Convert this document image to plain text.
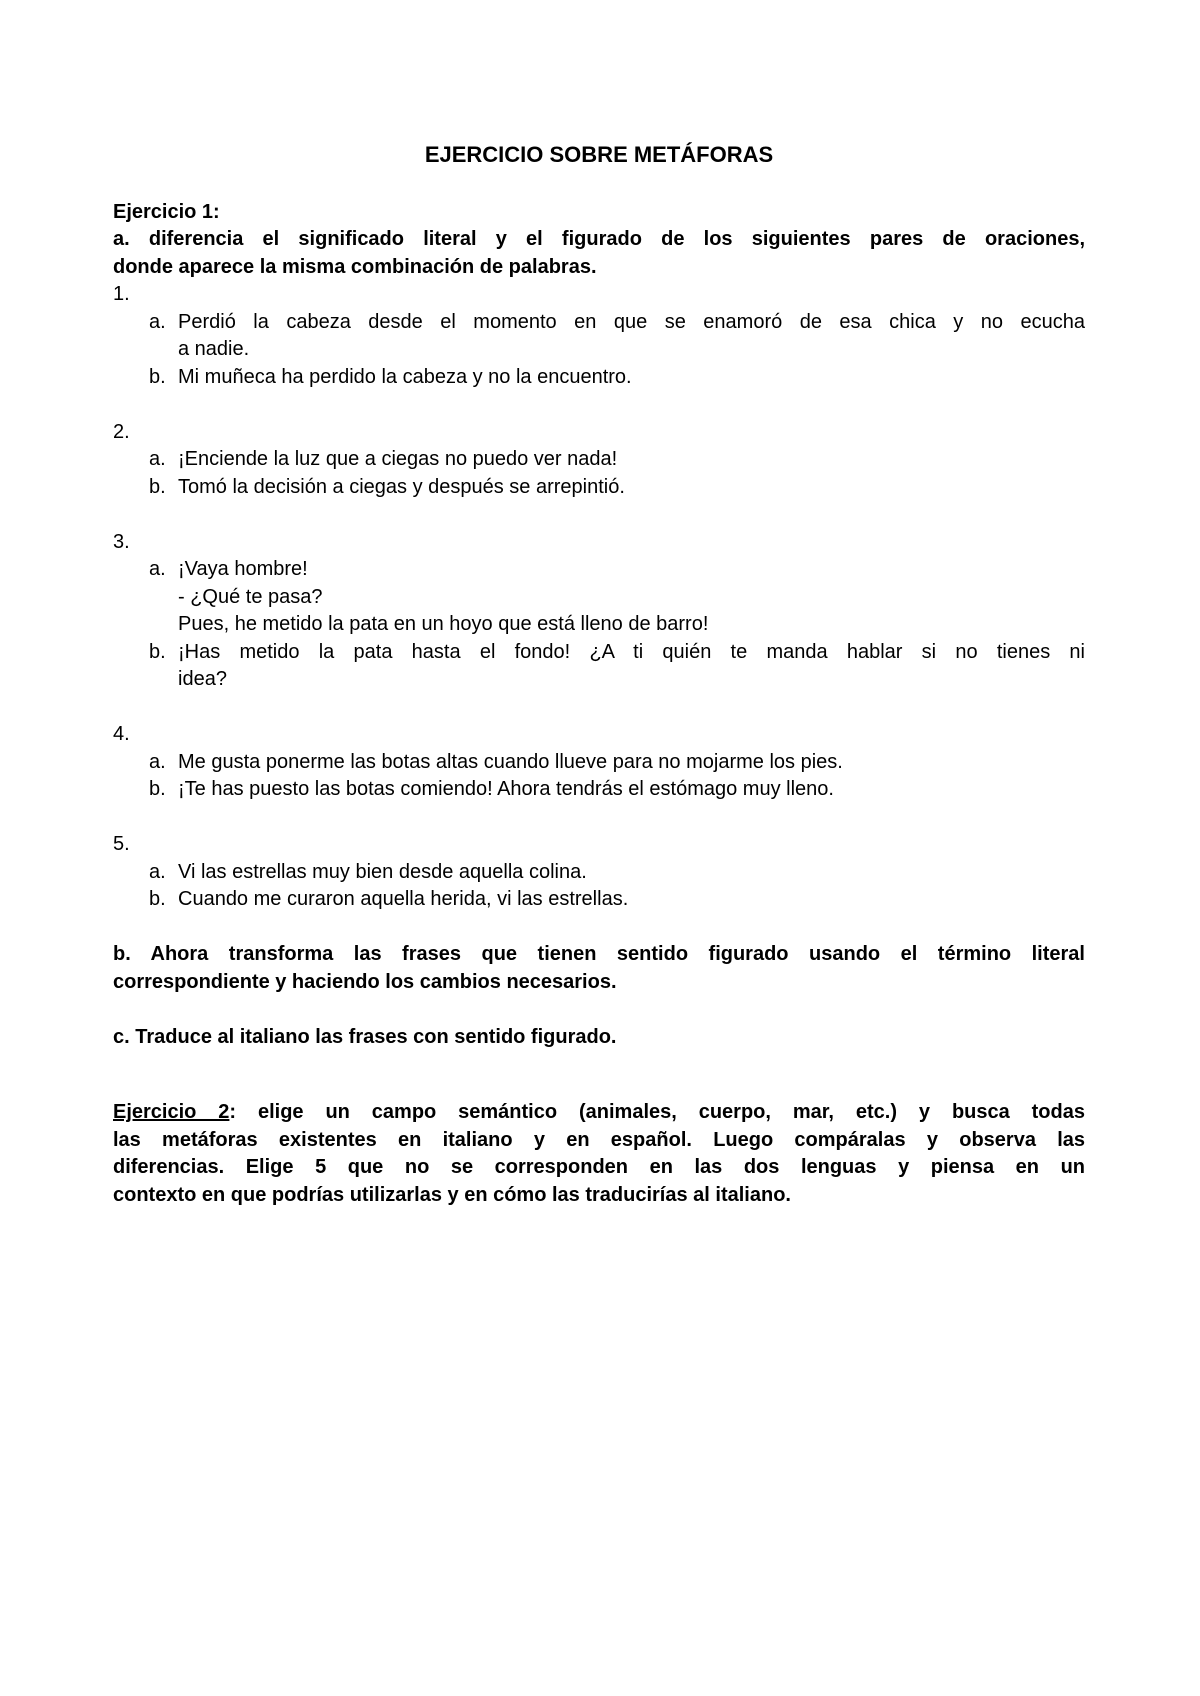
EJERCICIO SOBRE METÁFORAS
Ejercicio 1:
a. diferencia el significado literal y el figurado de los siguientes pares de oraciones,
donde aparece la misma combinación de palabras.
1.
a. Perdió la cabeza desde el momento en que se enamoró de esa chica y no ecucha
a nadie.
b. Mi muñeca ha perdido la cabeza y no la encuentro.
2.
a. ¡Enciende la luz que a ciegas no puedo ver nada!
b. Tomó la decisión a ciegas y después se arrepintió.
3.
a. ¡Vaya hombre!
- ¿Qué te pasa?
Pues, he metido la pata en un hoyo que está lleno de barro!
b. ¡Has metido la pata hasta el fondo! ¿A ti quién te manda hablar si no tienes ni
idea?
4.
a. Me gusta ponerme las botas altas cuando llueve para no mojarme los pies.
b. ¡Te has puesto las botas comiendo! Ahora tendrás el estómago muy lleno.
5.
a. Vi las estrellas muy bien desde aquella colina.
b. Cuando me curaron aquella herida, vi las estrellas.
b. Ahora transforma las frases que tienen sentido figurado usando el término literal
correspondiente y haciendo los cambios necesarios.
c. Traduce al italiano las frases con sentido figurado.
Ejercicio 2: elige un campo semántico (animales, cuerpo, mar, etc.) y busca todas
las metáforas existentes en italiano y en español. Luego compáralas y observa las
diferencias. Elige 5 que no se corresponden en las dos lenguas y piensa en un
contexto en que podrías utilizarlas y en cómo las traducirías al italiano.
